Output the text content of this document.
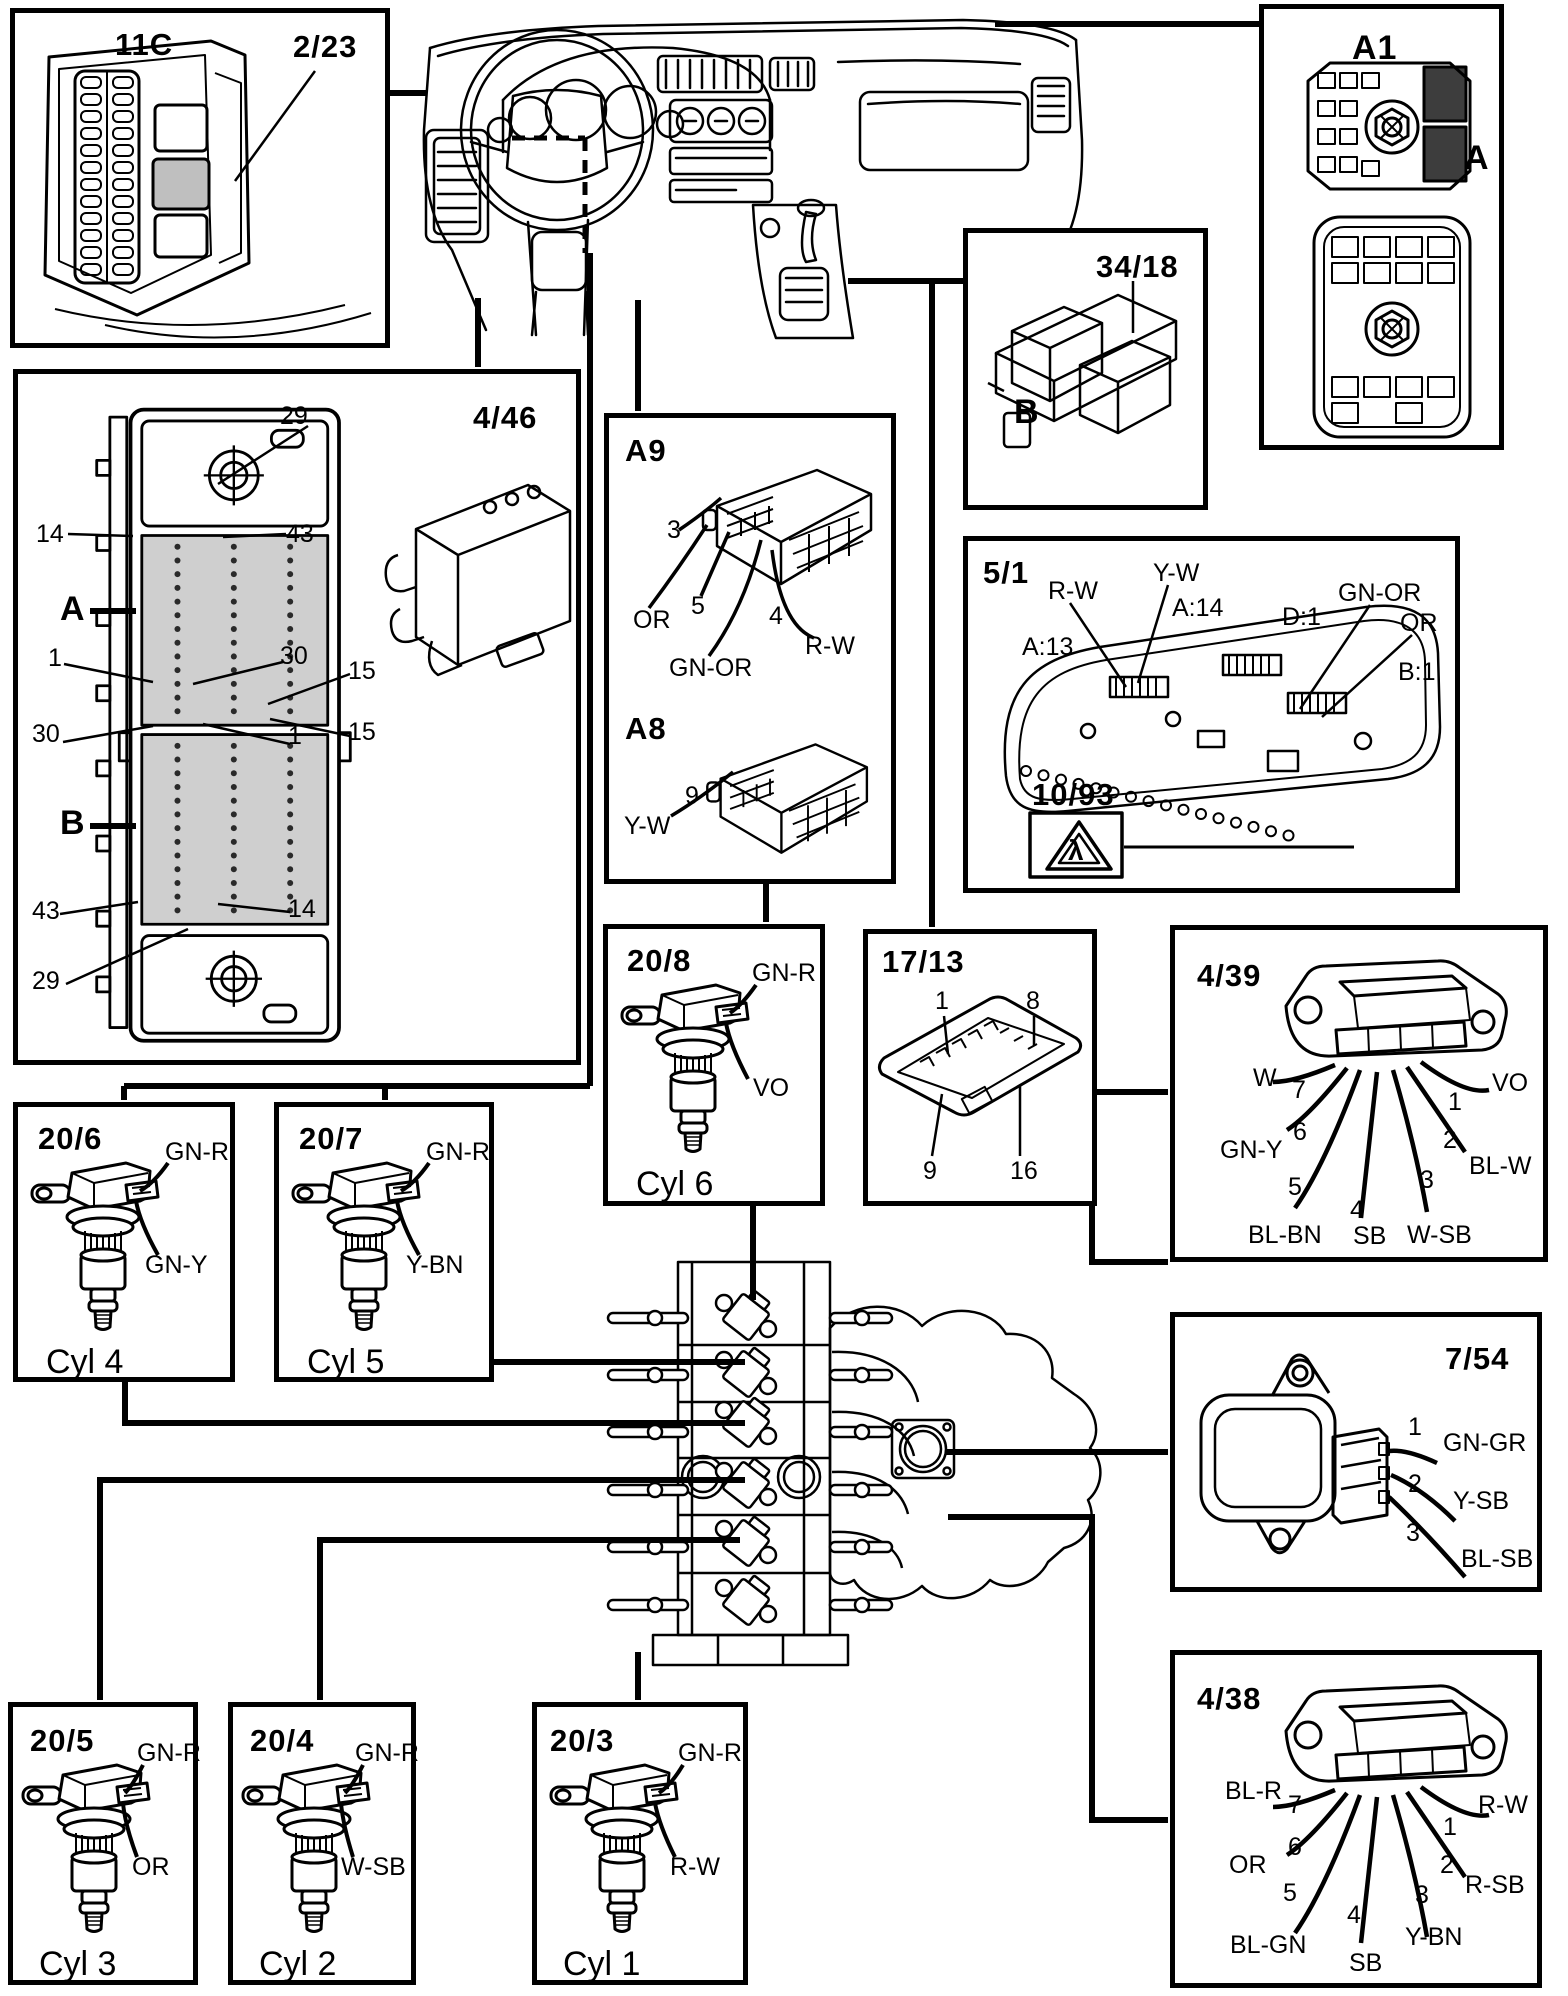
11C	2/23
4/46
29
14	43
A
1	30
15
30	1 15
B
43	14
29
A9
3
OR 5
GN-OR
4
R-W
A8
9
Y-W
34/18
B
A1
A
5/1
R-W
Y-W
A:14
A:13
D:1
GN-OR
OR
B:1
10/93
λ
20/8 GN-R
VO
Cyl 6
17/13
1	8
9	16
4/39
W 7
6
GN-Y
5
BL-BN
4
SB
3
W-SB
2
BL-W
1
VO
20/6	GN-R
GN-Y
Cyl 4
20/7	GN-R
Y-BN
Cyl 5	7/54
1
GN-GR
2
Y-SB
3
BL-SB
4/38
BL-R 7
6
OR
5
BL-GN
4
SB
3
Y-BN
2
R-SB
1
R-W
20/5 GN-R
OR
Cyl 3
20/4 GN-R
W-SB
Cyl 2
20/3	GN-R
R-W
Cyl 1
